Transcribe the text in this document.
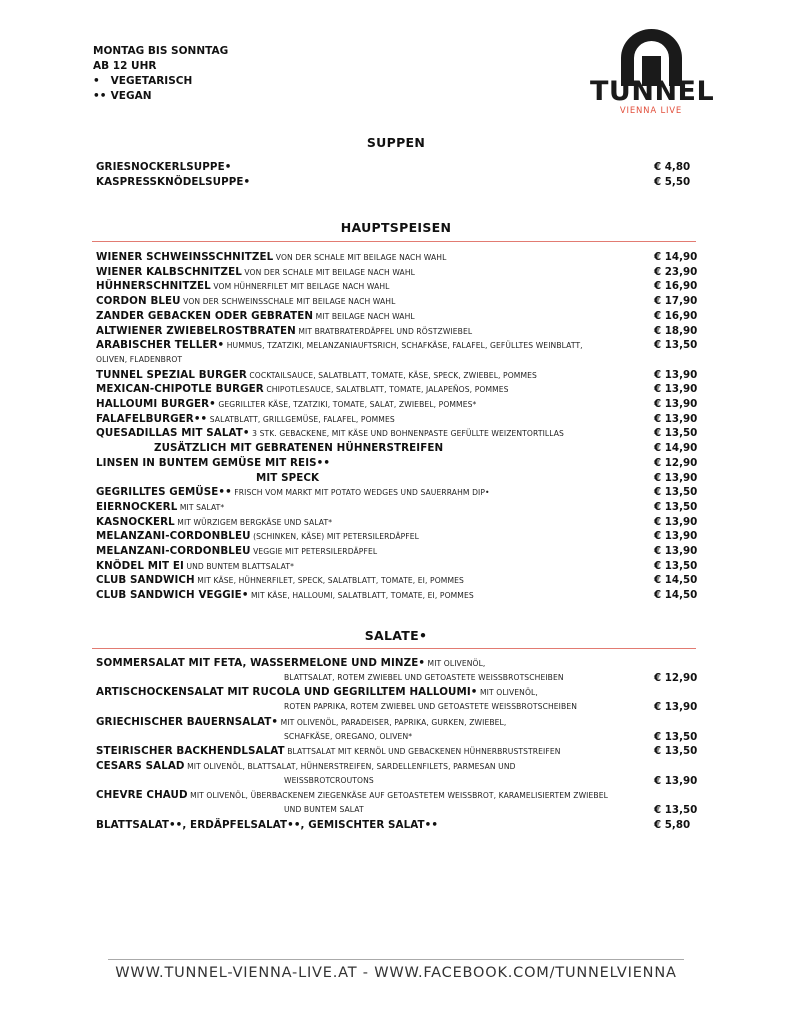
MONTAG BIS SONNTAG
AB 12 UHR
• VEGETARISCH
•• VEGAN	TUNNEL
VIENNA LIVE
SUPPEN
GRIESNOCKERLSUPPE•	€ 4,80
KASPRESSKNÖDELSUPPE•	€ 5,50
HAUPTSPEISEN
WIENER SCHWEINSSCHNITZEL VON DER SCHALE MIT BEILAGE NACH WAHL	€ 14,90
WIENER KALBSCHNITZEL VON DER SCHALE MIT BEILAGE NACH WAHL	€ 23,90
HÜHNERSCHNITZEL VOM HÜHNERFILET MIT BEILAGE NACH WAHL	€ 16,90
CORDON BLEU VON DER SCHWEINSSCHALE MIT BEILAGE NACH WAHL	€ 17,90
ZANDER GEBACKEN ODER GEBRATEN MIT BEILAGE NACH WAHL	€ 16,90
ALTWIENER ZWIEBELROSTBRATEN MIT BRATBRATERDÄPFEL UND RÖSTZWIEBEL	€ 18,90
ARABISCHER TELLER• HUMMUS, TZATZIKI, MELANZANIAUFTSRICH, SCHAFKÄSE, FALAFEL, GEFÜLLTES WEINBLATT,	€ 13,50
OLIVEN, FLADENBROT
TUNNEL SPEZIAL BURGER COCKTAILSAUCE, SALATBLATT, TOMATE, KÄSE, SPECK, ZWIEBEL, POMMES	€ 13,90
MEXICAN-CHIPOTLE BURGER CHIPOTLESAUCE, SALATBLATT, TOMATE, JALAPEÑOS, POMMES	€ 13,90
HALLOUMI BURGER• GEGRILLTER KÄSE, TZATZIKI, TOMATE, SALAT, ZWIEBEL, POMMES*	€ 13,90
FALAFELBURGER•• SALATBLATT, GRILLGEMÜSE, FALAFEL, POMMES	€ 13,90
QUESADILLAS MIT SALAT• 3 STK. GEBACKENE, MIT KÄSE UND BOHNENPASTE GEFÜLLTE WEIZENTORTILLAS	€ 13,50
ZUSÄTZLICH MIT GEBRATENEN HÜHNERSTREIFEN	€ 14,90
LINSEN IN BUNTEM GEMÜSE MIT REIS••	€ 12,90
MIT SPECK	€ 13,90
GEGRILLTES GEMÜSE•• FRISCH VOM MARKT MIT POTATO WEDGES UND SAUERRAHM DIP•	€ 13,50
EIERNOCKERL MIT SALAT*	€ 13,50
KASNOCKERL MIT WÜRZIGEM BERGKÄSE UND SALAT*	€ 13,90
MELANZANI-CORDONBLEU (SCHINKEN, KÄSE) MIT PETERSILERDÄPFEL	€ 13,90
MELANZANI-CORDONBLEU VEGGIE MIT PETERSILERDÄPFEL	€ 13,90
KNÖDEL MIT EI UND BUNTEM BLATTSALAT*	€ 13,50
CLUB SANDWICH MIT KÄSE, HÜHNERFILET, SPECK, SALATBLATT, TOMATE, EI, POMMES	€ 14,50
CLUB SANDWICH VEGGIE• MIT KÄSE, HALLOUMI, SALATBLATT, TOMATE, EI, POMMES	€ 14,50
SALATE•
SOMMERSALAT MIT FETA, WASSERMELONE UND MINZE• MIT OLIVENÖL,
BLATTSALAT, ROTEM ZWIEBEL UND GETOASTETE WEISSBROTSCHEIBEN	€ 12,90
ARTISCHOCKENSALAT MIT RUCOLA UND GEGRILLTEM HALLOUMI• MIT OLIVENÖL,
ROTEN PAPRIKA, ROTEM ZWIEBEL UND GETOASTETE WEISSBROTSCHEIBEN	€ 13,90
GRIECHISCHER BAUERNSALAT• MIT OLIVENÖL, PARADEISER, PAPRIKA, GURKEN, ZWIEBEL,
SCHAFKÄSE, OREGANO, OLIVEN*	€ 13,50
STEIRISCHER BACKHENDLSALAT BLATTSALAT MIT KERNÖL UND GEBACKENEN HÜHNERBRUSTSTREIFEN	€ 13,50
CESARS SALAD MIT OLIVENÖL, BLATTSALAT, HÜHNERSTREIFEN, SARDELLENFILETS, PARMESAN UND
WEISSBROTCROUTONS	€ 13,90
CHEVRE CHAUD MIT OLIVENÖL, ÜBERBACKENEM ZIEGENKÄSE AUF GETOASTETEM WEISSBROT, KARAMELISIERTEM ZWIEBEL
UND BUNTEM SALAT	€ 13,50
BLATTSALAT••, ERDÄPFELSALAT••, GEMISCHTER SALAT••	€ 5,80
WWW.TUNNEL-VIENNA-LIVE.AT - WWW.FACEBOOK.COM/TUNNELVIENNA
